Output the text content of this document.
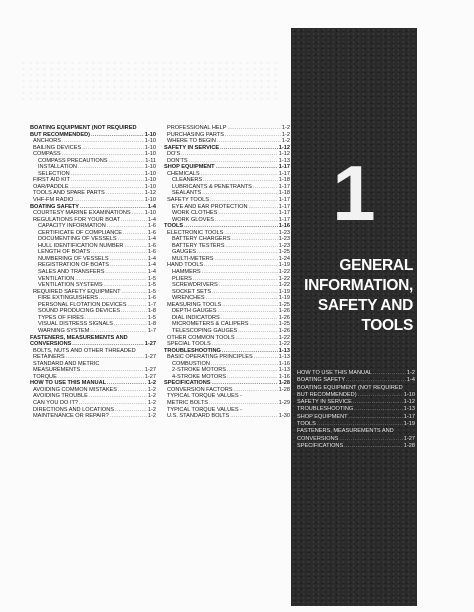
BOATING EQUIPMENT (NOT REQUIRED
BUT RECOMMENDED) .....	1-10
ANCHORS .....	1-10
BAILING DEVICES .....	1-10
COMPASS .....	1-10
COMPASS PRECAUTIONS .....	1-11
INSTALLATION .....	1-10
SELECTION .....	1-10
FIRST AID KIT .....	1-10
OAR/PADDLE .....	1-10
TOOLS AND SPARE PARTS .....	1-12
VHF-FM RADIO .....	1-10
BOATING SAFETY .....	1-4
COURTESY MARINE EXAMINATIONS .....	1-10
REGULATIONS FOR YOUR BOAT .....	1-4
CAPACITY INFORMATION .....	1-6
CERTIFICATE OF COMPLIANCE .....	1-6
DOCUMENTING OF VESSELS .....	1-4
HULL IDENTIFICATION NUMBER .....	1-6
LENGTH OF BOATS .....	1-6
NUMBERING OF VESSELS .....	1-4
REGISTRATION OF BOATS .....	1-4
SALES AND TRANSFERS .....	1-4
VENTILATION .....	1-5
VENTILATION SYSTEMS .....	1-5
REQUIRED SAFETY EQUIPMENT .....	1-5
FIRE EXTINGUISHERS .....	1-6
PERSONAL FLOTATION DEVICES .....	1-7
SOUND PRODUCING DEVICES .....	1-8
TYPES OF FIRES .....	1-5
VISUAL DISTRESS SIGNALS .....	1-8
WARNING SYSTEM .....	1-7
FASTENERS, MEASUREMENTS AND
CONVERSIONS .....	1-27
BOLTS, NUTS AND OTHER THREADED
RETAINERS .....	1-27
STANDARD AND METRIC
MEASUREMENTS .....	1-27
TORQUE .....	1-27
HOW TO USE THIS MANUAL .....	1-2
AVOIDING COMMON MISTAKES .....	1-2
AVOIDING TROUBLE .....	1-2
CAN YOU DO IT? .....	1-2
DIRECTIONS AND LOCATIONS .....	1-2
MAINTENANCE OR REPAIR? .....	1-2
PROFESSIONAL HELP .....	1-2
PURCHASING PARTS .....	1-2
WHERE TO BEGIN .....	1-2
SAFETY IN SERVICE .....	1-12
DO'S .....	1-12
DON'TS .....	1-13
SHOP EQUIPMENT .....	1-17
CHEMICALS .....	1-17
CLEANERS .....	1-18
LUBRICANTS & PENETRANTS .....	1-17
SEALANTS .....	1-18
SAFETY TOOLS .....	1-17
EYE AND EAR PROTECTION .....	1-17
WORK CLOTHES .....	1-17
WORK GLOVES .....	1-17
TOOLS .....	1-16
ELECTRONIC TOOLS .....	1-23
BATTERY CHARGERS .....	1-23
BATTERY TESTERS .....	1-23
GAUGES .....	1-25
MULTI-METERS .....	1-24
HAND TOOLS .....	1-19
HAMMERS .....	1-22
PLIERS .....	1-22
SCREWDRIVERS .....	1-22
SOCKET SETS .....	1-19
WRENCHES .....	1-19
MEASURING TOOLS .....	1-25
DEPTH GAUGES .....	1-26
DIAL INDICATORS .....	1-26
MICROMETERS & CALIPERS .....	1-25
TELESCOPING GAUGES .....	1-26
OTHER COMMON TOOLS .....	1-22
SPECIAL TOOLS .....	1-22
TROUBLESHOOTING .....	1-13
BASIC OPERATING PRINCIPLES .....	1-13
COMBUSTION .....	1-16
2-STROKE MOTORS .....	1-13
4-STROKE MOTORS .....	1-16
SPECIFICATIONS .....	1-28
CONVERSION FACTORS .....	1-28
TYPICAL TORQUE VALUES -
METRIC BOLTS .....	1-29
TYPICAL TORQUE VALUES -
U.S. STANDARD BOLTS .....	1-30
1
GENERAL
INFORMATION,
SAFETY AND
TOOLS
HOW TO USE THIS MANUAL .....	1-2
BOATING SAFETY .....	1-4
BOATING EQUIPMENT (NOT REQUIRED
BUT RECOMMENDED) .....	1-10
SAFETY IN SERVICE .....	1-12
TROUBLESHOOTING .....	1-13
SHOP EQUIPMENT .....	1-17
TOOLS .....	1-19
FASTENERS, MEASUREMENTS AND
CONVERSIONS .....	1-27
SPECIFICATIONS .....	1-28
